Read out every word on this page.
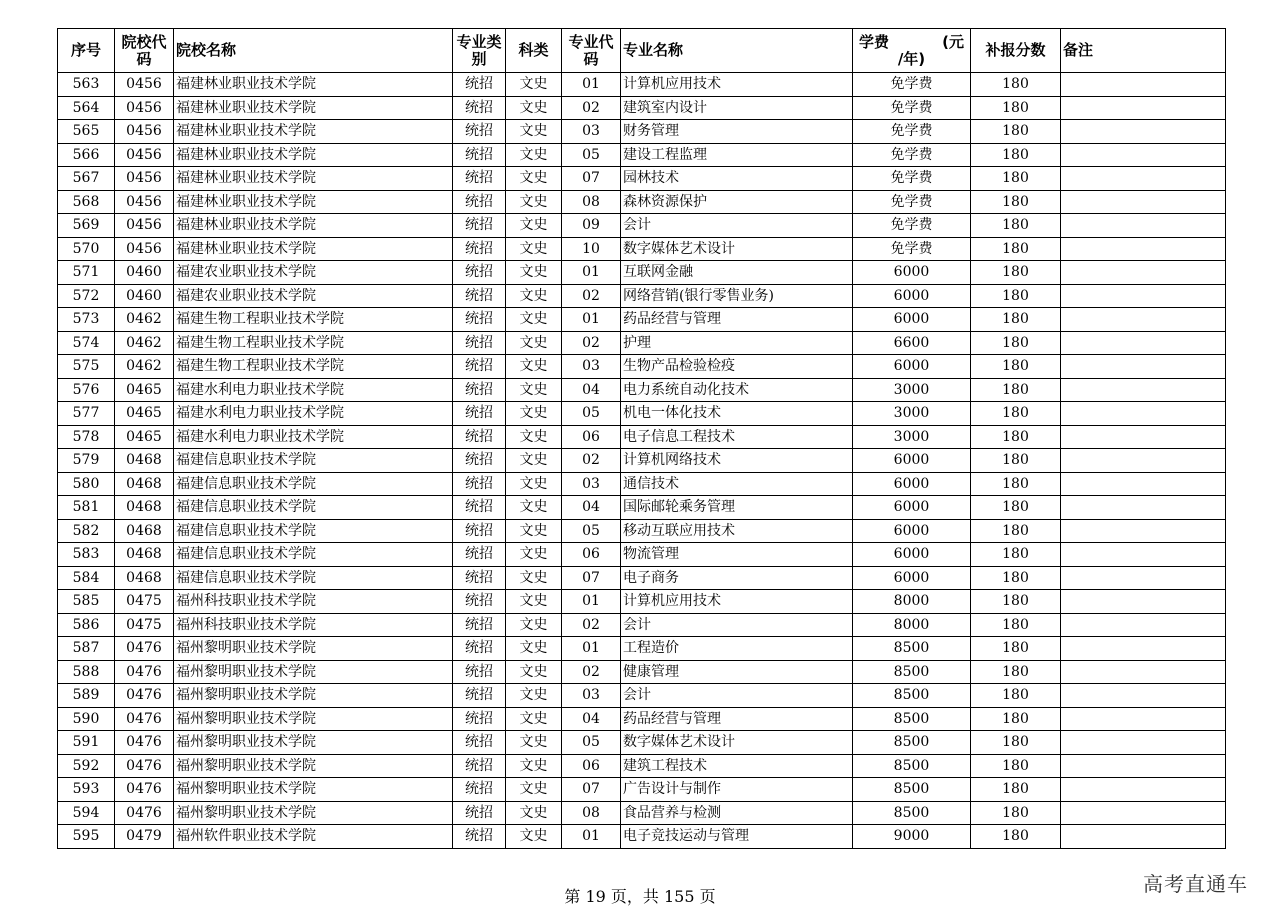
序号	院校代码	院校名称	专业类别	科类	专业代码	专业名称	学费 (元
/年)	补报分数	备注
563	0456	福建林业职业技术学院	统招	文史	01	计算机应用技术	免学费	180	
564	0456	福建林业职业技术学院	统招	文史	02	建筑室内设计	免学费	180	
565	0456	福建林业职业技术学院	统招	文史	03	财务管理	免学费	180	
566	0456	福建林业职业技术学院	统招	文史	05	建设工程监理	免学费	180	
567	0456	福建林业职业技术学院	统招	文史	07	园林技术	免学费	180	
568	0456	福建林业职业技术学院	统招	文史	08	森林资源保护	免学费	180	
569	0456	福建林业职业技术学院	统招	文史	09	会计	免学费	180	
570	0456	福建林业职业技术学院	统招	文史	10	数字媒体艺术设计	免学费	180	
571	0460	福建农业职业技术学院	统招	文史	01	互联网金融	6000	180	
572	0460	福建农业职业技术学院	统招	文史	02	网络营销(银行零售业务)	6000	180	
573	0462	福建生物工程职业技术学院	统招	文史	01	药品经营与管理	6000	180	
574	0462	福建生物工程职业技术学院	统招	文史	02	护理	6600	180	
575	0462	福建生物工程职业技术学院	统招	文史	03	生物产品检验检疫	6000	180	
576	0465	福建水利电力职业技术学院	统招	文史	04	电力系统自动化技术	3000	180	
577	0465	福建水利电力职业技术学院	统招	文史	05	机电一体化技术	3000	180	
578	0465	福建水利电力职业技术学院	统招	文史	06	电子信息工程技术	3000	180	
579	0468	福建信息职业技术学院	统招	文史	02	计算机网络技术	6000	180	
580	0468	福建信息职业技术学院	统招	文史	03	通信技术	6000	180	
581	0468	福建信息职业技术学院	统招	文史	04	国际邮轮乘务管理	6000	180	
582	0468	福建信息职业技术学院	统招	文史	05	移动互联应用技术	6000	180	
583	0468	福建信息职业技术学院	统招	文史	06	物流管理	6000	180	
584	0468	福建信息职业技术学院	统招	文史	07	电子商务	6000	180	
585	0475	福州科技职业技术学院	统招	文史	01	计算机应用技术	8000	180	
586	0475	福州科技职业技术学院	统招	文史	02	会计	8000	180	
587	0476	福州黎明职业技术学院	统招	文史	01	工程造价	8500	180	
588	0476	福州黎明职业技术学院	统招	文史	02	健康管理	8500	180	
589	0476	福州黎明职业技术学院	统招	文史	03	会计	8500	180	
590	0476	福州黎明职业技术学院	统招	文史	04	药品经营与管理	8500	180	
591	0476	福州黎明职业技术学院	统招	文史	05	数字媒体艺术设计	8500	180	
592	0476	福州黎明职业技术学院	统招	文史	06	建筑工程技术	8500	180	
593	0476	福州黎明职业技术学院	统招	文史	07	广告设计与制作	8500	180	
594	0476	福州黎明职业技术学院	统招	文史	08	食品营养与检测	8500	180	
595	0479	福州软件职业技术学院	统招	文史	01	电子竞技运动与管理	9000	180	
第 19 页，共 155 页
高考直通车
